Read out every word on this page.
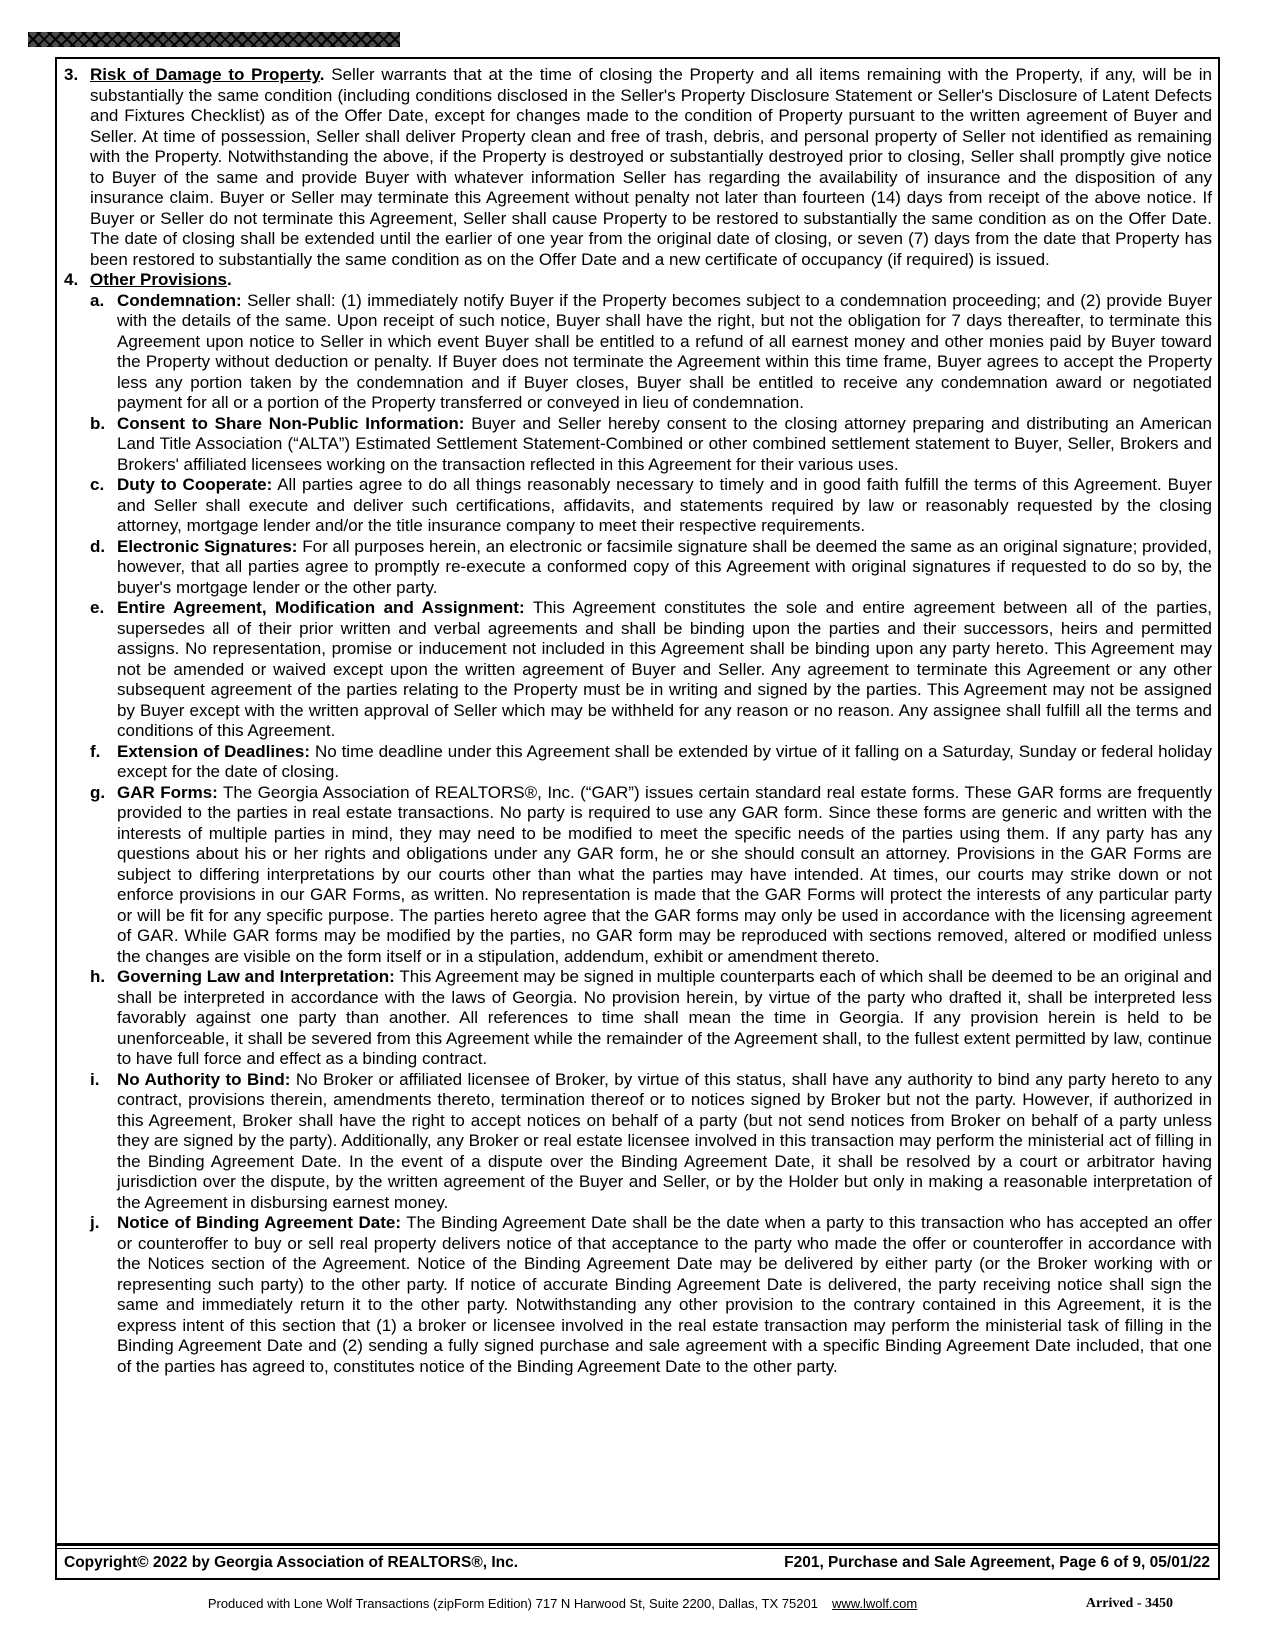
3. Risk of Damage to Property. Seller warrants that at the time of closing the Property and all items remaining with the Property, if any, will be in substantially the same condition (including conditions disclosed in the Seller's Property Disclosure Statement or Seller's Disclosure of Latent Defects and Fixtures Checklist) as of the Offer Date, except for changes made to the condition of Property pursuant to the written agreement of Buyer and Seller. At time of possession, Seller shall deliver Property clean and free of trash, debris, and personal property of Seller not identified as remaining with the Property. Notwithstanding the above, if the Property is destroyed or substantially destroyed prior to closing, Seller shall promptly give notice to Buyer of the same and provide Buyer with whatever information Seller has regarding the availability of insurance and the disposition of any insurance claim. Buyer or Seller may terminate this Agreement without penalty not later than fourteen (14) days from receipt of the above notice. If Buyer or Seller do not terminate this Agreement, Seller shall cause Property to be restored to substantially the same condition as on the Offer Date. The date of closing shall be extended until the earlier of one year from the original date of closing, or seven (7) days from the date that Property has been restored to substantially the same condition as on the Offer Date and a new certificate of occupancy (if required) is issued.
4. Other Provisions.
a. Condemnation: Seller shall: (1) immediately notify Buyer if the Property becomes subject to a condemnation proceeding; and (2) provide Buyer with the details of the same. Upon receipt of such notice, Buyer shall have the right, but not the obligation for 7 days thereafter, to terminate this Agreement upon notice to Seller in which event Buyer shall be entitled to a refund of all earnest money and other monies paid by Buyer toward the Property without deduction or penalty. If Buyer does not terminate the Agreement within this time frame, Buyer agrees to accept the Property less any portion taken by the condemnation and if Buyer closes, Buyer shall be entitled to receive any condemnation award or negotiated payment for all or a portion of the Property transferred or conveyed in lieu of condemnation.
b. Consent to Share Non-Public Information: Buyer and Seller hereby consent to the closing attorney preparing and distributing an American Land Title Association (“ALTA”) Estimated Settlement Statement-Combined or other combined settlement statement to Buyer, Seller, Brokers and Brokers' affiliated licensees working on the transaction reflected in this Agreement for their various uses.
c. Duty to Cooperate: All parties agree to do all things reasonably necessary to timely and in good faith fulfill the terms of this Agreement. Buyer and Seller shall execute and deliver such certifications, affidavits, and statements required by law or reasonably requested by the closing attorney, mortgage lender and/or the title insurance company to meet their respective requirements.
d. Electronic Signatures: For all purposes herein, an electronic or facsimile signature shall be deemed the same as an original signature; provided, however, that all parties agree to promptly re-execute a conformed copy of this Agreement with original signatures if requested to do so by, the buyer's mortgage lender or the other party.
e. Entire Agreement, Modification and Assignment: This Agreement constitutes the sole and entire agreement between all of the parties, supersedes all of their prior written and verbal agreements and shall be binding upon the parties and their successors, heirs and permitted assigns. No representation, promise or inducement not included in this Agreement shall be binding upon any party hereto. This Agreement may not be amended or waived except upon the written agreement of Buyer and Seller. Any agreement to terminate this Agreement or any other subsequent agreement of the parties relating to the Property must be in writing and signed by the parties. This Agreement may not be assigned by Buyer except with the written approval of Seller which may be withheld for any reason or no reason. Any assignee shall fulfill all the terms and conditions of this Agreement.
f. Extension of Deadlines: No time deadline under this Agreement shall be extended by virtue of it falling on a Saturday, Sunday or federal holiday except for the date of closing.
g. GAR Forms: The Georgia Association of REALTORS®, Inc. (“GAR”) issues certain standard real estate forms. These GAR forms are frequently provided to the parties in real estate transactions. No party is required to use any GAR form. Since these forms are generic and written with the interests of multiple parties in mind, they may need to be modified to meet the specific needs of the parties using them. If any party has any questions about his or her rights and obligations under any GAR form, he or she should consult an attorney. Provisions in the GAR Forms are subject to differing interpretations by our courts other than what the parties may have intended. At times, our courts may strike down or not enforce provisions in our GAR Forms, as written. No representation is made that the GAR Forms will protect the interests of any particular party or will be fit for any specific purpose. The parties hereto agree that the GAR forms may only be used in accordance with the licensing agreement of GAR. While GAR forms may be modified by the parties, no GAR form may be reproduced with sections removed, altered or modified unless the changes are visible on the form itself or in a stipulation, addendum, exhibit or amendment thereto.
h. Governing Law and Interpretation: This Agreement may be signed in multiple counterparts each of which shall be deemed to be an original and shall be interpreted in accordance with the laws of Georgia. No provision herein, by virtue of the party who drafted it, shall be interpreted less favorably against one party than another. All references to time shall mean the time in Georgia. If any provision herein is held to be unenforceable, it shall be severed from this Agreement while the remainder of the Agreement shall, to the fullest extent permitted by law, continue to have full force and effect as a binding contract.
i. No Authority to Bind: No Broker or affiliated licensee of Broker, by virtue of this status, shall have any authority to bind any party hereto to any contract, provisions therein, amendments thereto, termination thereof or to notices signed by Broker but not the party. However, if authorized in this Agreement, Broker shall have the right to accept notices on behalf of a party (but not send notices from Broker on behalf of a party unless they are signed by the party). Additionally, any Broker or real estate licensee involved in this transaction may perform the ministerial act of filling in the Binding Agreement Date. In the event of a dispute over the Binding Agreement Date, it shall be resolved by a court or arbitrator having jurisdiction over the dispute, by the written agreement of the Buyer and Seller, or by the Holder but only in making a reasonable interpretation of the Agreement in disbursing earnest money.
j. Notice of Binding Agreement Date: The Binding Agreement Date shall be the date when a party to this transaction who has accepted an offer or counteroffer to buy or sell real property delivers notice of that acceptance to the party who made the offer or counteroffer in accordance with the Notices section of the Agreement. Notice of the Binding Agreement Date may be delivered by either party (or the Broker working with or representing such party) to the other party. If notice of accurate Binding Agreement Date is delivered, the party receiving notice shall sign the same and immediately return it to the other party. Notwithstanding any other provision to the contrary contained in this Agreement, it is the express intent of this section that (1) a broker or licensee involved in the real estate transaction may perform the ministerial task of filling in the Binding Agreement Date and (2) sending a fully signed purchase and sale agreement with a specific Binding Agreement Date included, that one of the parties has agreed to, constitutes notice of the Binding Agreement Date to the other party.
Copyright© 2022 by Georgia Association of REALTORS®, Inc.	F201, Purchase and Sale Agreement, Page 6 of 9, 05/01/22
Produced with Lone Wolf Transactions (zipForm Edition) 717 N Harwood St, Suite 2200, Dallas, TX 75201 www.lwolf.com	Arrived - 3450
